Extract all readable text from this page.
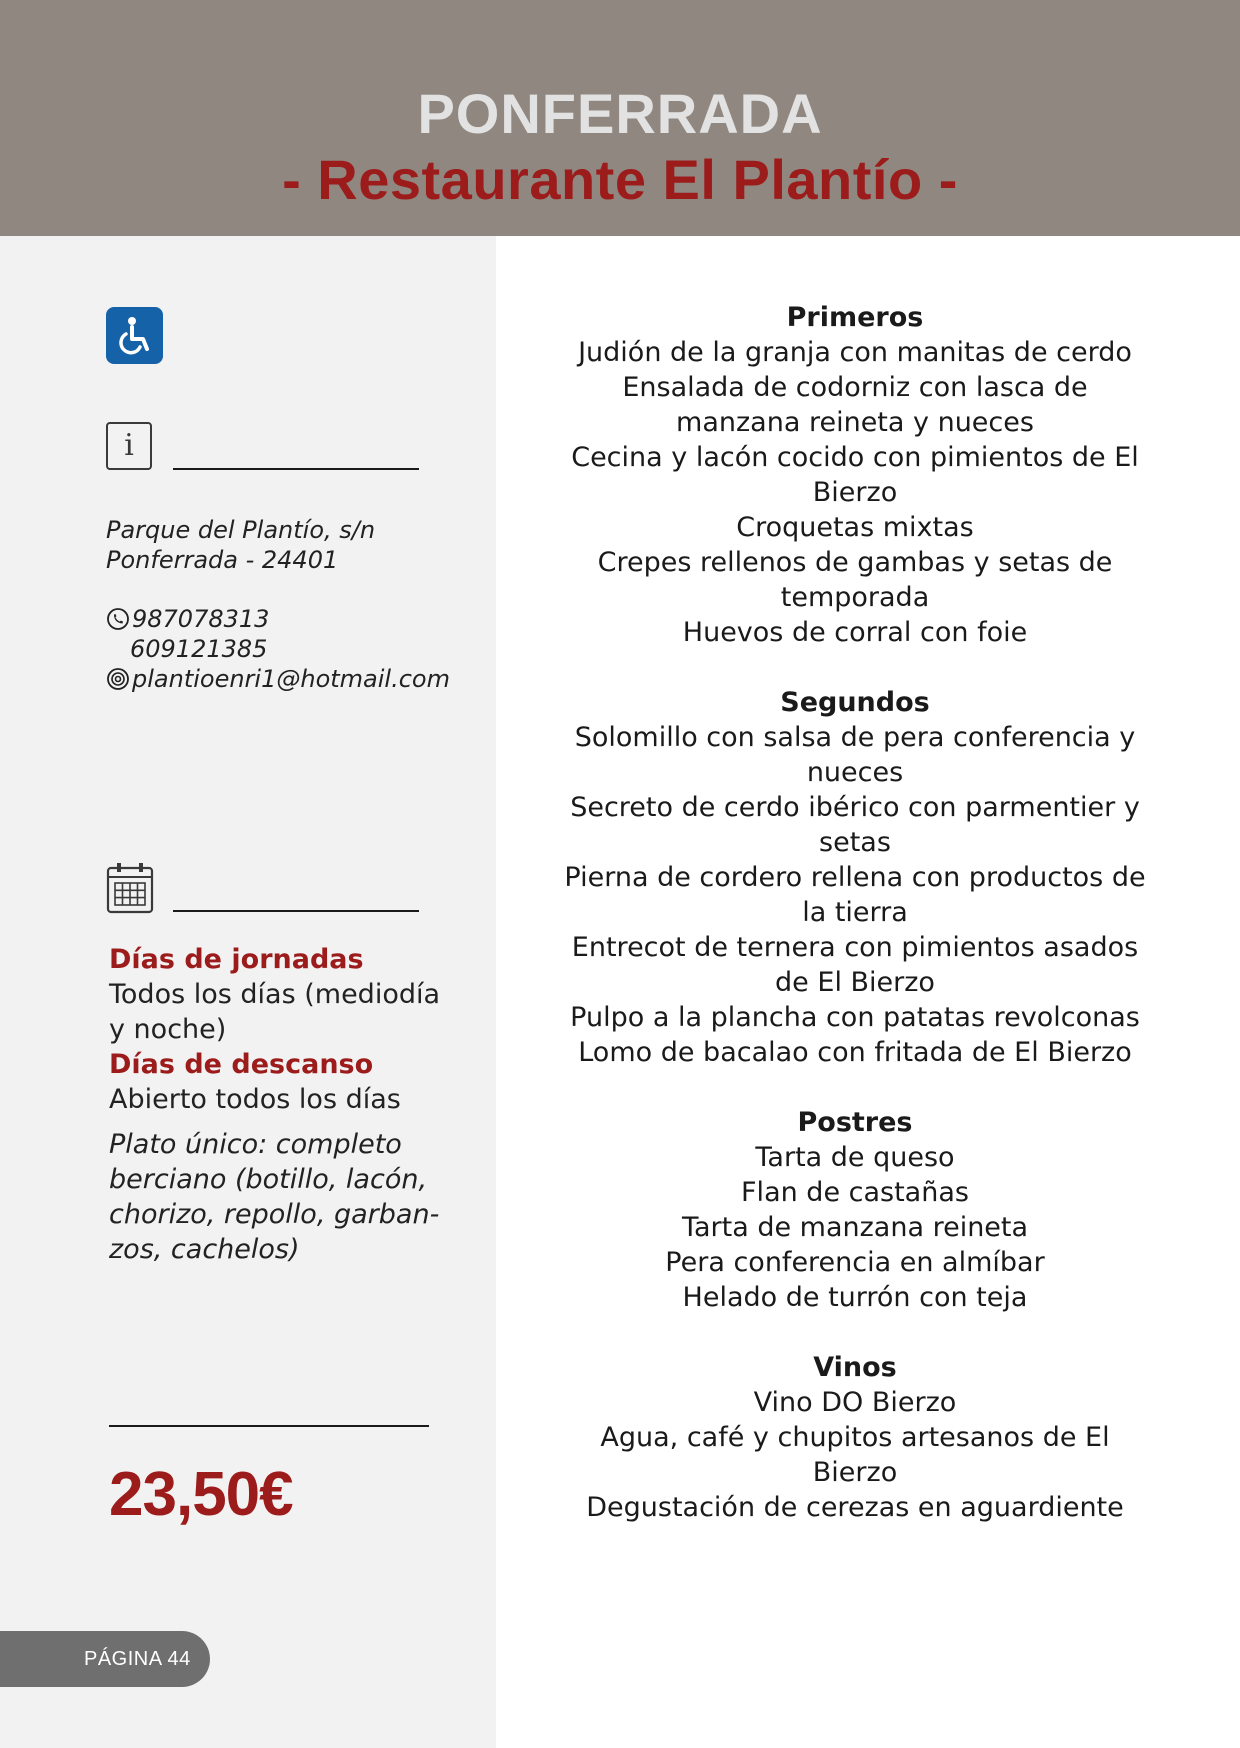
PONFERRADA
- Restaurante El Plantío -
i
Parque del Plantío, s/n
Ponferrada - 24401
987078313
609121385
plantioenri1@hotmail.com
Días de jornadas
Todos los días (mediodía y noche)
Días de descanso
Abierto todos los días
Plato único: completo berciano (botillo, lacón, chorizo, repollo, garban-zos, cachelos)
23,50€
PÁGINA 44
Primeros
Judión de la granja con manitas de cerdo
Ensalada de codorniz con lasca de manzana reineta y nueces
Cecina y lacón cocido con pimientos de El Bierzo
Croquetas mixtas
Crepes rellenos de gambas y setas de temporada
Huevos de corral con foie
Segundos
Solomillo con salsa de pera conferencia y nueces
Secreto de cerdo ibérico con parmentier y setas
Pierna de cordero rellena con productos de la tierra
Entrecot de ternera con pimientos asados de El Bierzo
Pulpo a la plancha con patatas revolconas
Lomo de bacalao con fritada de El Bierzo
Postres
Tarta de queso
Flan de castañas
Tarta de manzana reineta
Pera conferencia en almíbar
Helado de turrón con teja
Vinos
Vino DO Bierzo
Agua, café y chupitos artesanos de El Bierzo
Degustación de cerezas en aguardiente
